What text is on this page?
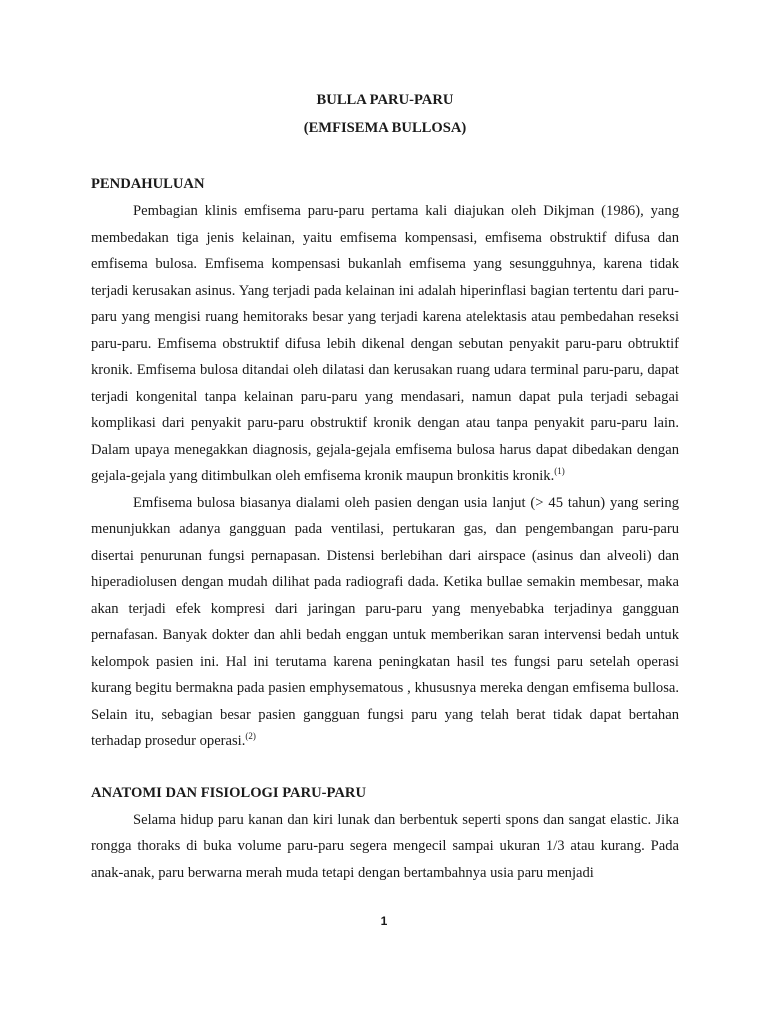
BULLA PARU-PARU
(EMFISEMA BULLOSA)
PENDAHULUAN

Pembagian klinis emfisema paru-paru pertama kali diajukan oleh Dikjman (1986), yang membedakan tiga jenis kelainan, yaitu emfisema kompensasi, emfisema obstruktif difusa dan emfisema bulosa. Emfisema kompensasi bukanlah emfisema yang sesungguhnya, karena tidak terjadi kerusakan asinus. Yang terjadi pada kelainan ini adalah hiperinflasi bagian tertentu dari paru-paru yang mengisi ruang hemitoraks besar yang terjadi karena atelektasis atau pembedahan reseksi paru-paru. Emfisema obstruktif difusa lebih dikenal dengan sebutan penyakit paru-paru obtruktif kronik. Emfisema bulosa ditandai oleh dilatasi dan kerusakan ruang udara terminal paru-paru, dapat terjadi kongenital tanpa kelainan paru-paru yang mendasari, namun dapat pula terjadi sebagai komplikasi dari penyakit paru-paru obstruktif kronik dengan atau tanpa penyakit paru-paru lain. Dalam upaya menegakkan diagnosis, gejala-gejala emfisema bulosa harus dapat dibedakan dengan gejala-gejala yang ditimbulkan oleh emfisema kronik maupun bronkitis kronik.$^{(1)}$

Emfisema bulosa biasanya dialami oleh pasien dengan usia lanjut (> 45 tahun) yang sering menunjukkan adanya gangguan pada ventilasi, pertukaran gas, dan pengembangan paru-paru disertai penurunan fungsi pernapasan. Distensi berlebihan dari airspace (asinus dan alveoli) dan hiperadiolusen dengan mudah dilihat pada radiografi dada. Ketika bullae semakin membesar, maka akan terjadi efek kompresi dari jaringan paru-paru yang menyebabka terjadinya gangguan pernafasan. Banyak dokter dan ahli bedah enggan untuk memberikan saran intervensi bedah untuk kelompok pasien ini. Hal ini terutama karena peningkatan hasil tes fungsi paru setelah operasi kurang begitu bermakna pada pasien emphysematous , khususnya mereka dengan emfisema bullosa. Selain itu, sebagian besar pasien gangguan fungsi paru yang telah berat tidak dapat bertahan terhadap prosedur operasi.$^{(2)}$

ANATOMI DAN FISIOLOGI PARU-PARU

Selama hidup paru kanan dan kiri lunak dan berbentuk seperti spons dan sangat elastic. Jika rongga thoraks di buka volume paru-paru segera mengecil sampai ukuran 1/3 atau kurang. Pada anak-anak, paru berwarna merah muda tetapi dengan bertambahnya usia paru menjadi

1
